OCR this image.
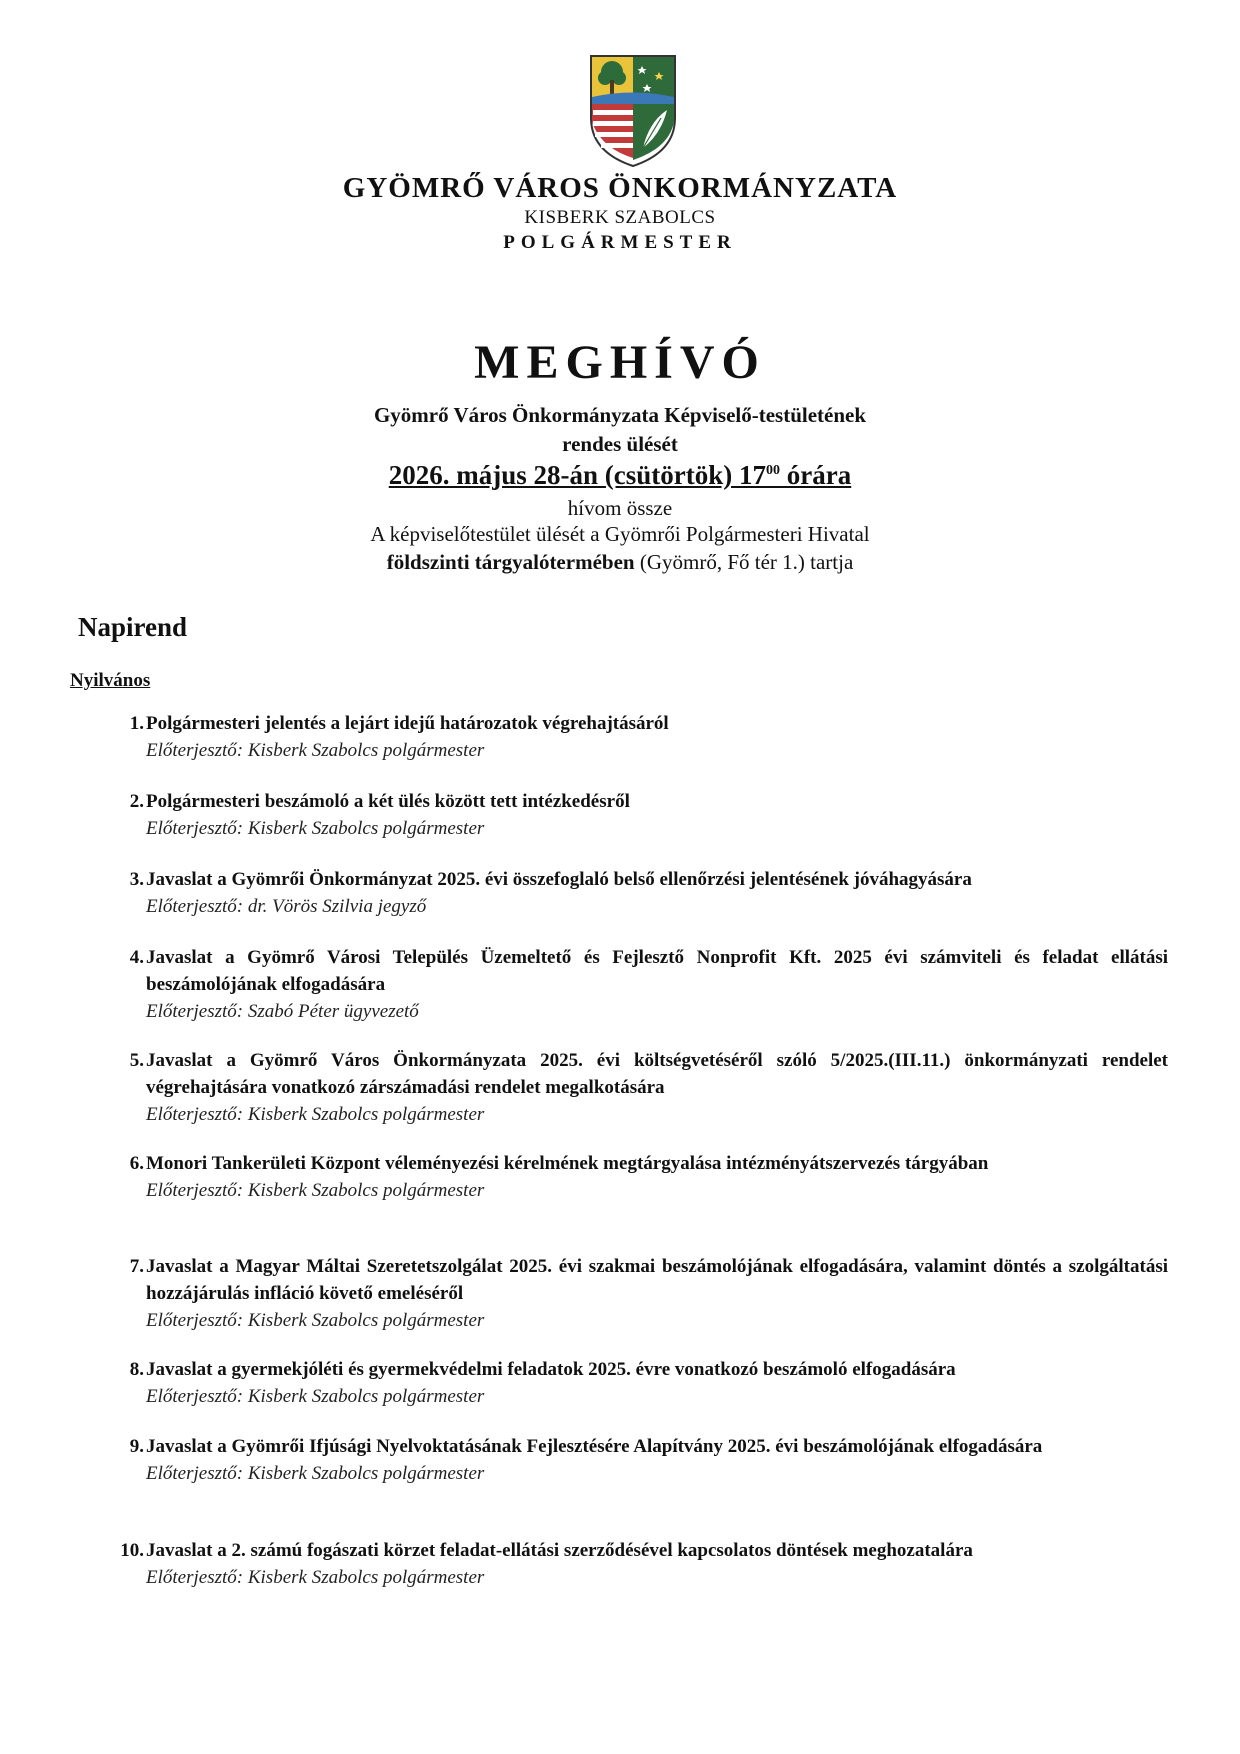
GYÖMRŐ VÁROS ÖNKORMÁNYZATA
KISBERK SZABOLCS
POLGÁRMESTER
MEGHÍVÓ
Gyömrő Város Önkormányzata Képviselő-testületének
rendes ülését
2026. május 28-án (csütörtök) $17^{00}$ órára
hívom össze
A képviselőtestület ülését a Gyömrői Polgármesteri Hivatal
földszinti tárgyalótermében (Gyömrő, Fő tér 1.) tartja
Napirend
Nyilvános
1. Polgármesteri jelentés a lejárt idejű határozatok végrehajtásáról
Előterjesztő: Kisberk Szabolcs polgármester
2. Polgármesteri beszámoló a két ülés között tett intézkedésről
Előterjesztő: Kisberk Szabolcs polgármester
3. Javaslat a Gyömrői Önkormányzat 2025. évi összefoglaló belső ellenőrzési jelentésének jóváhagyására
Előterjesztő: dr. Vörös Szilvia jegyző
4. Javaslat a Gyömrő Városi Település Üzemeltető és Fejlesztő Nonprofit Kft. 2025 évi számviteli és feladat ellátási beszámolójának elfogadására
Előterjesztő: Szabó Péter ügyvezető
5. Javaslat a Gyömrő Város Önkormányzata 2025. évi költségvetéséről szóló 5/2025.(III.11.) önkormányzati rendelet végrehajtására vonatkozó zárszámadási rendelet megalkotására
Előterjesztő: Kisberk Szabolcs polgármester
6. Monori Tankerületi Központ véleményezési kérelmének megtárgyalása intézményátszervezés tárgyában
Előterjesztő: Kisberk Szabolcs polgármester
7. Javaslat a Magyar Máltai Szeretetszolgálat 2025. évi szakmai beszámolójának elfogadására, valamint döntés a szolgáltatási hozzájárulás infláció követő emeléséről
Előterjesztő: Kisberk Szabolcs polgármester
8. Javaslat a gyermekjóléti és gyermekvédelmi feladatok 2025. évre vonatkozó beszámoló elfogadására
Előterjesztő: Kisberk Szabolcs polgármester
9. Javaslat a Gyömrői Ifjúsági Nyelvoktatásának Fejlesztésére Alapítvány 2025. évi beszámolójának elfogadására
Előterjesztő: Kisberk Szabolcs polgármester
10. Javaslat a 2. számú fogászati körzet feladat-ellátási szerződésével kapcsolatos döntések meghozatalára
Előterjesztő: Kisberk Szabolcs polgármester
